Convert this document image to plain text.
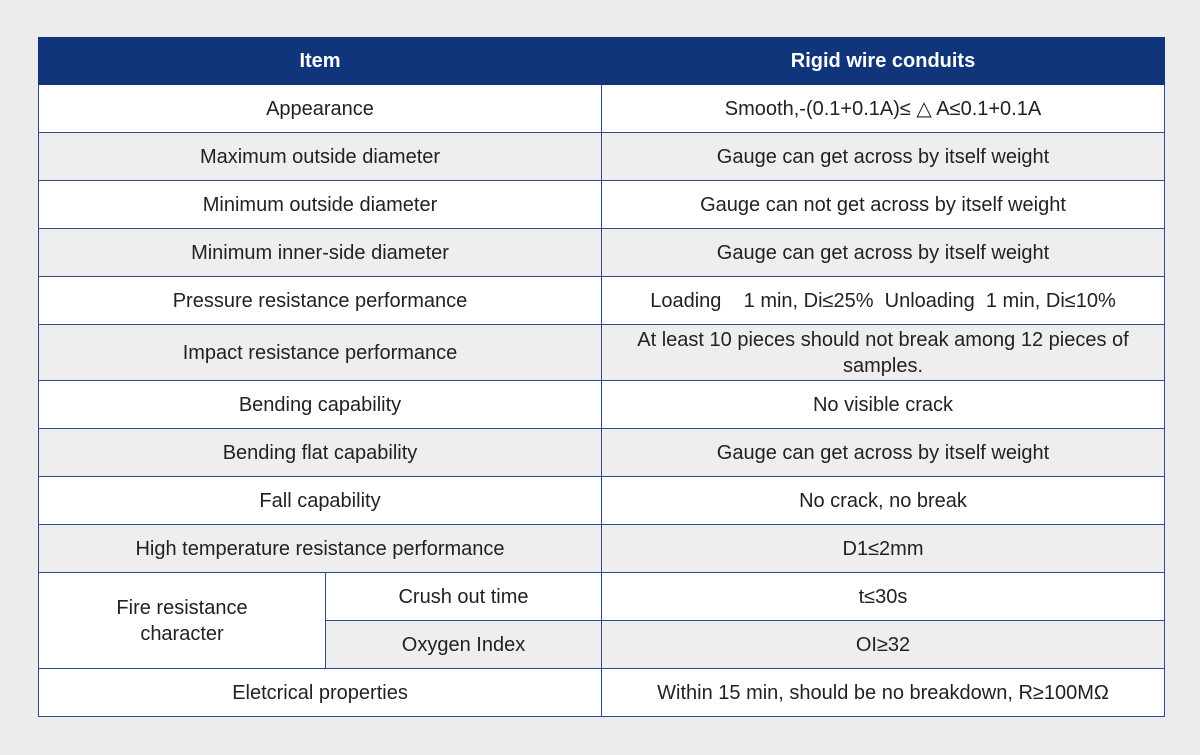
Item		Rigid wire conduits
Appearance		Smooth,-(0.1+0.1A)≤ △ A≤0.1+0.1A
Maximum outside diameter		Gauge can get across by itself weight
Minimum outside diameter		Gauge can not get across by itself weight
Minimum inner-side diameter		Gauge can get across by itself weight
Pressure resistance performance		Loading    1 min, Di≤25%  Unloading  1 min, Di≤10%
Impact resistance performance		At least 10 pieces should not break among 12 pieces of samples.
Bending capability		No visible crack
Bending flat capability		Gauge can get across by itself weight
Fall capability		No crack, no break
High temperature resistance performance		D1≤2mm
Fire resistance character	Crush out time	t≤30s
	Oxygen Index	OI≥32
Eletcrical properties		Within 15 min, should be no breakdown, R≥100MΩ
